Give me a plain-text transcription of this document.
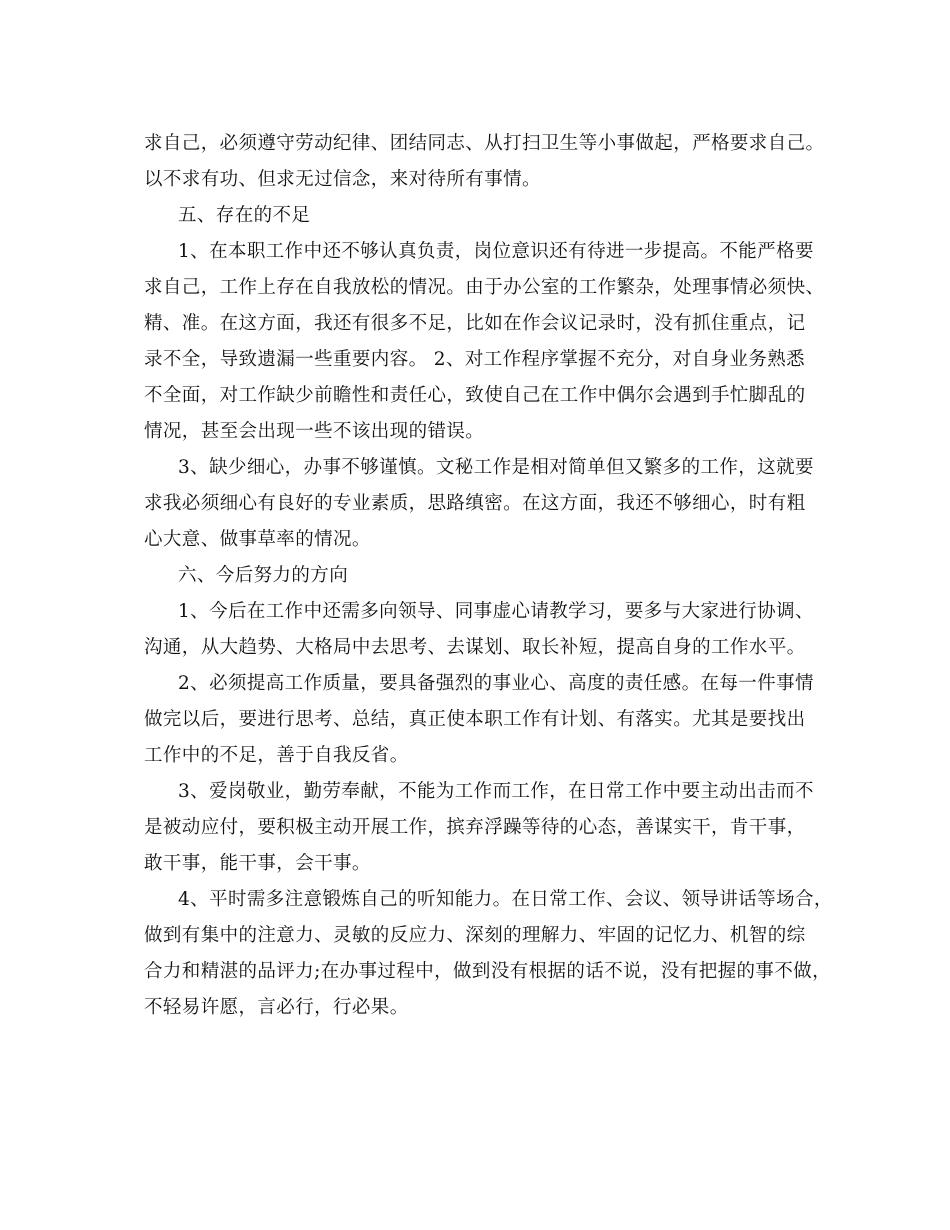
求自己，必须遵守劳动纪律、团结同志、从打扫卫生等小事做起，严格要求自己。
以不求有功、但求无过信念，来对待所有事情。
五、存在的不足
1、在本职工作中还不够认真负责，岗位意识还有待进一步提高。不能严格要
求自己，工作上存在自我放松的情况。由于办公室的工作繁杂，处理事情必须快、
精、准。在这方面，我还有很多不足，比如在作会议记录时，没有抓住重点，记
录不全，导致遗漏一些重要内容。 2、对工作程序掌握不充分，对自身业务熟悉
不全面，对工作缺少前瞻性和责任心，致使自己在工作中偶尔会遇到手忙脚乱的
情况，甚至会出现一些不该出现的错误。
3、缺少细心，办事不够谨慎。文秘工作是相对简单但又繁多的工作，这就要
求我必须细心有良好的专业素质，思路缜密。在这方面，我还不够细心，时有粗
心大意、做事草率的情况。
六、今后努力的方向
1、今后在工作中还需多向领导、同事虚心请教学习，要多与大家进行协调、
沟通，从大趋势、大格局中去思考、去谋划、取长补短，提高自身的工作水平。
2、必须提高工作质量，要具备强烈的事业心、高度的责任感。在每一件事情
做完以后，要进行思考、总结，真正使本职工作有计划、有落实。尤其是要找出
工作中的不足，善于自我反省。
3、爱岗敬业，勤劳奉献，不能为工作而工作，在日常工作中要主动出击而不
是被动应付，要积极主动开展工作，摈弃浮躁等待的心态，善谋实干，肯干事，
敢干事，能干事，会干事。
4、平时需多注意锻炼自己的听知能力。在日常工作、会议、领导讲话等场合，
做到有集中的注意力、灵敏的反应力、深刻的理解力、牢固的记忆力、机智的综
合力和精湛的品评力;在办事过程中，做到没有根据的话不说，没有把握的事不做，
不轻易许愿，言必行，行必果。
